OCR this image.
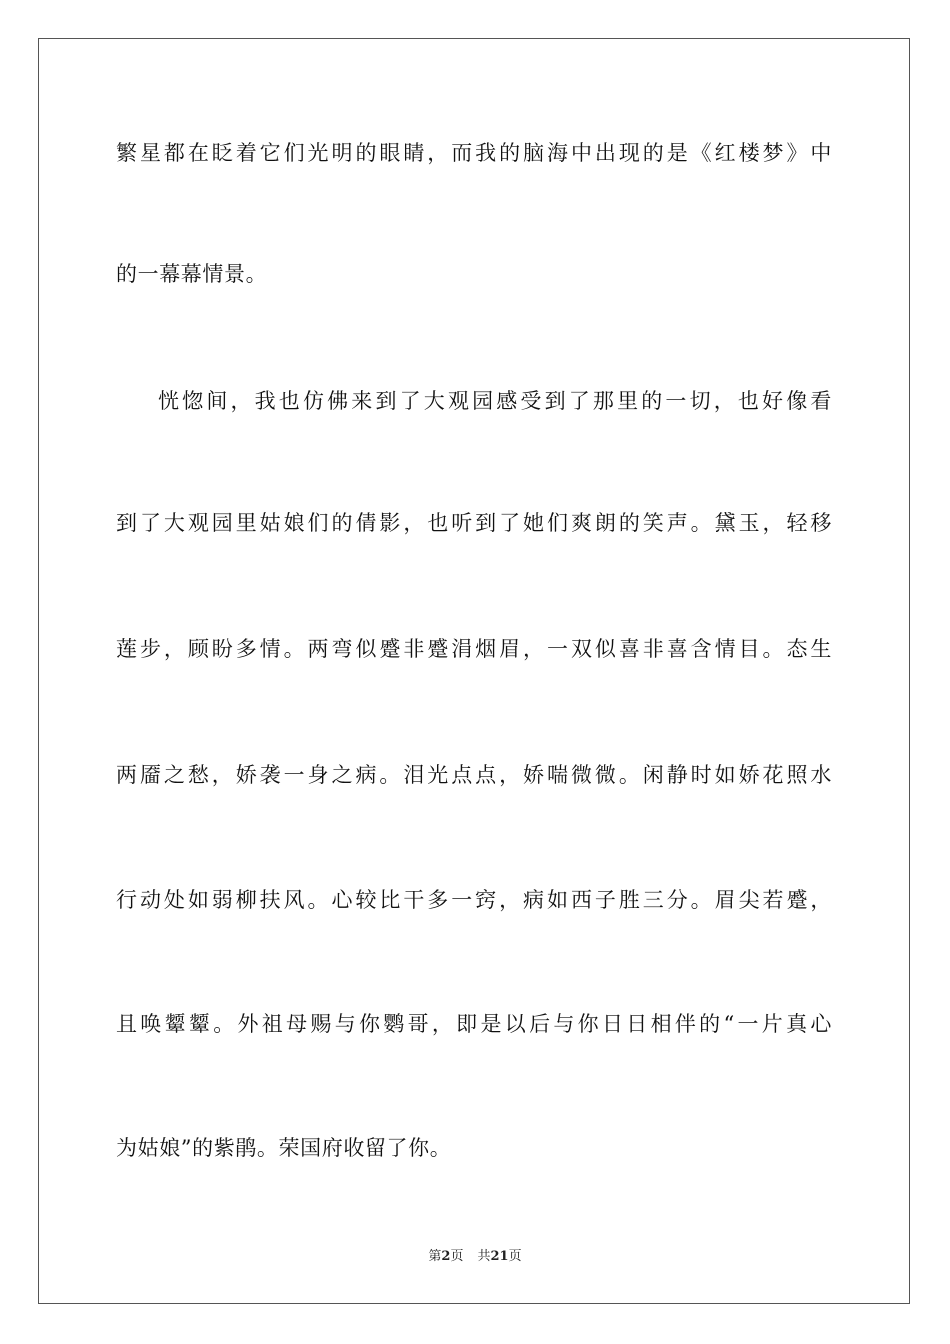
繁星都在眨着它们光明的眼睛，而我的脑海中出现的是《红楼梦》中
的一幕幕情景。
恍惚间，我也仿佛来到了大观园感受到了那里的一切，也好像看
到了大观园里姑娘们的倩影，也听到了她们爽朗的笑声。黛玉，轻移
莲步，顾盼多情。两弯似蹙非蹙涓烟眉，一双似喜非喜含情目。态生
两靥之愁，娇袭一身之病。泪光点点，娇喘微微。闲静时如娇花照水
行动处如弱柳扶风。心较比干多一窍，病如西子胜三分。眉尖若蹙，
且唤颦颦。外祖母赐与你鹦哥，即是以后与你日日相伴的“一片真心
为姑娘”的紫鹃。荣国府收留了你。
第2页 共21页
